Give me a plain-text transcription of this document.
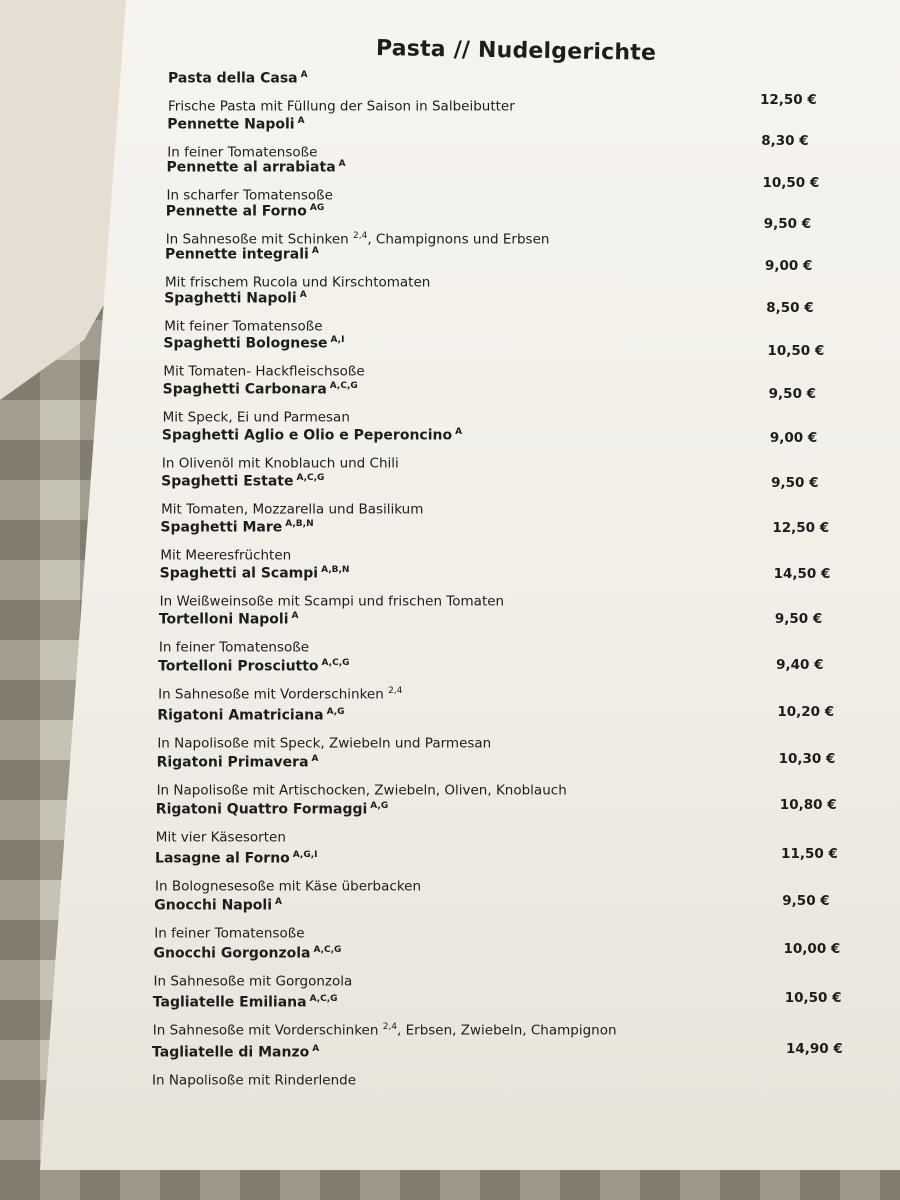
Pasta // Nudelgerichte
Pasta della Casa $^A$
Frische Pasta mit Füllung der Saison in Salbeibutter	12,50 €
Pennette Napoli $^A$
In feiner Tomatensoße
8,30 €
Pennette al arrabiata $^A$
In scharfer Tomatensoße
10,50 €
Pennette al Forno $^{AG}$
In Sahnesoße mit Schinken $^{2,4}$, Champignons und Erbsen
9,50 €
Pennette integrali $^A$
Mit frischem Rucola und Kirschtomaten
9,00 €
Spaghetti Napoli $^A$
Mit feiner Tomatensoße
8,50 €
Spaghetti Bolognese $^{A,I}$
Mit Tomaten- Hackfleischsoße
10,50 €
Spaghetti Carbonara $^{A,C,G}$
Mit Speck, Ei und Parmesan
9,50 €
Spaghetti Aglio e Olio e Peperoncino $^A$
In Olivenöl mit Knoblauch und Chili
9,00 €
Spaghetti Estate $^{A,C,G}$
Mit Tomaten, Mozzarella und Basilikum
9,50 €
Spaghetti Mare $^{A,B,N}$
Mit Meeresfrüchten
12,50 €
Spaghetti al Scampi $^{A,B,N}$
In Weißweinsoße mit Scampi und frischen Tomaten
14,50 €
Tortelloni Napoli $^A$
In feiner Tomatensoße
9,50 €
Tortelloni Prosciutto $^{A,C,G}$
In Sahnesoße mit Vorderschinken $^{2,4}$
9,40 €
Rigatoni Amatriciana $^{A,G}$
In Napolisoße mit Speck, Zwiebeln und Parmesan
10,20 €
Rigatoni Primavera $^A$
In Napolisoße mit Artischocken, Zwiebeln, Oliven, Knoblauch
10,30 €
Rigatoni Quattro Formaggi $^{A,G}$
Mit vier Käsesorten
10,80 €
Lasagne al Forno $^{A,G,I}$
In Bolognesesoße mit Käse überbacken
11,50 €
Gnocchi Napoli $^A$
In feiner Tomatensoße
9,50 €
Gnocchi Gorgonzola $^{A,C,G}$
In Sahnesoße mit Gorgonzola
10,00 €
Tagliatelle Emiliana $^{A,C,G}$
In Sahnesoße mit Vorderschinken $^{2,4}$, Erbsen, Zwiebeln, Champignon
10,50 €
Tagliatelle di Manzo $^A$
In Napolisoße mit Rinderlende
14,90 €
